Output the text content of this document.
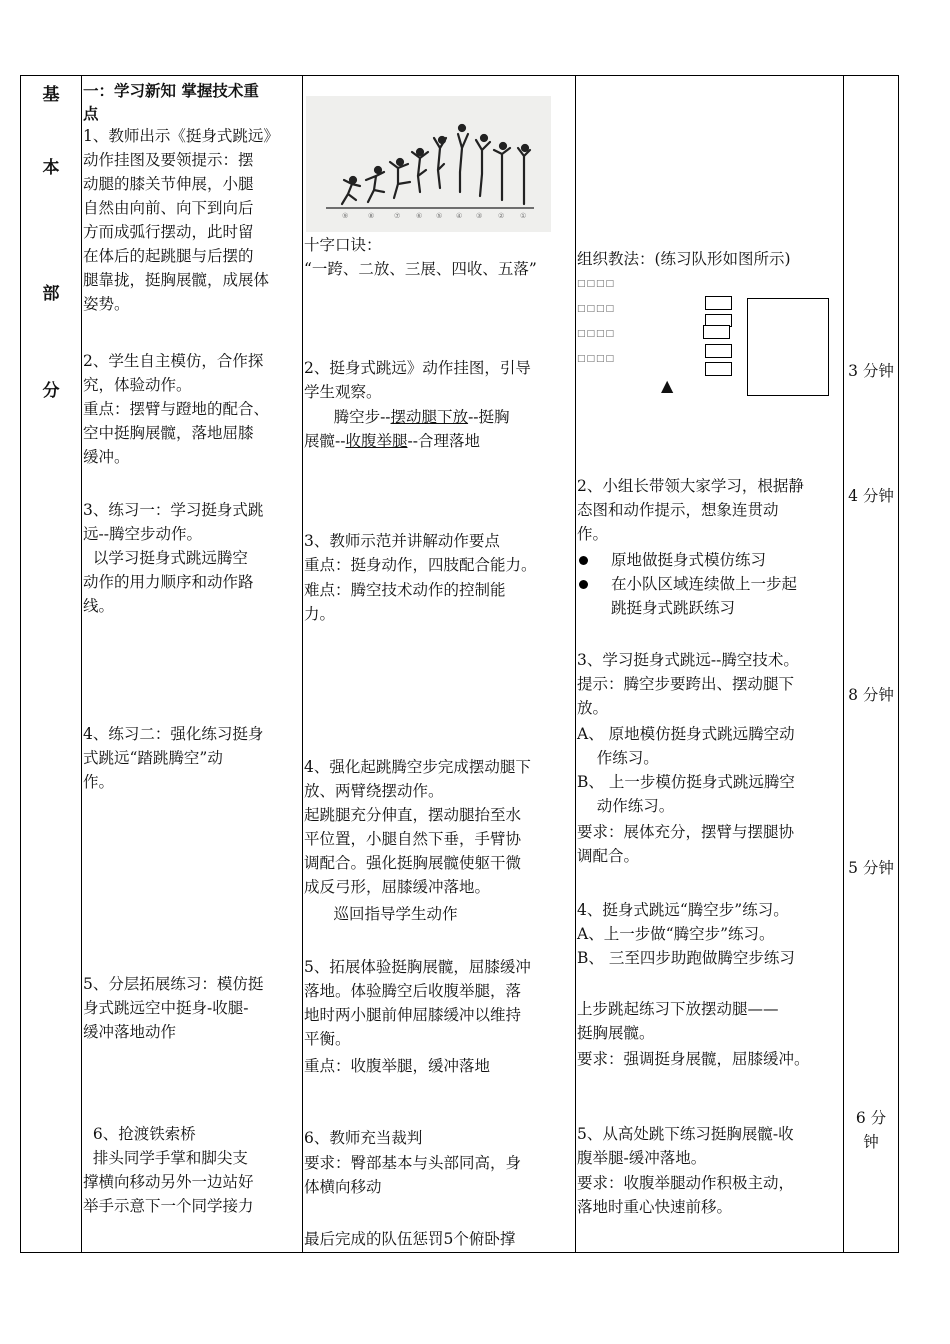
基
本
部
分
一：学习新知 掌握技术重
点
1、教师出示《挺身式跳远》
动作挂图及要领提示：摆
动腿的膝关节伸展，小腿
自然由向前、向下到向后
方而成弧行摆动，此时留
在体后的起跳腿与后摆的
腿靠拢，挺胸展髋，成展体
姿势。
2、学生自主模仿，合作探
究，体验动作。
重点：摆臂与蹬地的配合、
空中挺胸展髋，落地屈膝
缓冲。
3、练习一：学习挺身式跳
远--腾空步动作。
以学习挺身式跳远腾空
动作的用力顺序和动作路
线。
4、练习二：强化练习挺身
式跳远“踏跳腾空”动
作。
5、分层拓展练习：模仿挺
身式跳远空中挺身-收腿-
缓冲落地动作
6、抢渡铁索桥
排头同学手掌和脚尖支
撑横向移动另外一边站好
举手示意下一个同学接力
⑨	⑧	⑦ ⑥ ⑤ ④ ③ ② ①
十字口诀：
“一跨、二放、三展、四收、五落”
2、挺身式跳远》动作挂图，引导
学生观察。
腾空步--摆动腿下放--挺胸
展髋--收腹举腿--合理落地
3、教师示范并讲解动作要点
重点：挺身动作，四肢配合能力。
难点：腾空技术动作的控制能
力。
4、强化起跳腾空步完成摆动腿下
放、两臂绕摆动作。
起跳腿充分伸直，摆动腿抬至水
平位置，小腿自然下垂，手臂协
调配合。强化挺胸展髋使躯干微
成反弓形，屈膝缓冲落地。
巡回指导学生动作
5、拓展体验挺胸展髋，屈膝缓冲
落地。体验腾空后收腹举腿，落
地时两小腿前伸屈膝缓冲以维持
平衡。
重点：收腹举腿，缓冲落地
6、教师充当裁判
要求：臀部基本与头部同高，身
体横向移动
最后完成的队伍惩罚5个俯卧撑
组织教法：(练习队形如图所示)
□□□□
□□□□
□□□□
□□□□
▲
2、小组长带领大家学习，根据静
态图和动作提示，想象连贯动
作。
原地做挺身式模仿练习
在小队区域连续做上一步起
跳挺身式跳跃练习
3、学习挺身式跳远--腾空技术。
提示：腾空步要跨出、摆动腿下
放。
A、 原地模仿挺身式跳远腾空动
作练习。
B、 上一步模仿挺身式跳远腾空
动作练习。
要求：展体充分，摆臂与摆腿协
调配合。
4、挺身式跳远“腾空步”练习。
A、上一步做“腾空步”练习。
B、 三至四步助跑做腾空步练习
上步跳起练习下放摆动腿——
挺胸展髋。
要求：强调挺身展髋，屈膝缓冲。
5、从高处跳下练习挺胸展髋-收
腹举腿-缓冲落地。
要求：收腹举腿动作积极主动，
落地时重心快速前移。
3 分钟
4 分钟
8 分钟
5 分钟
6 分
钟
